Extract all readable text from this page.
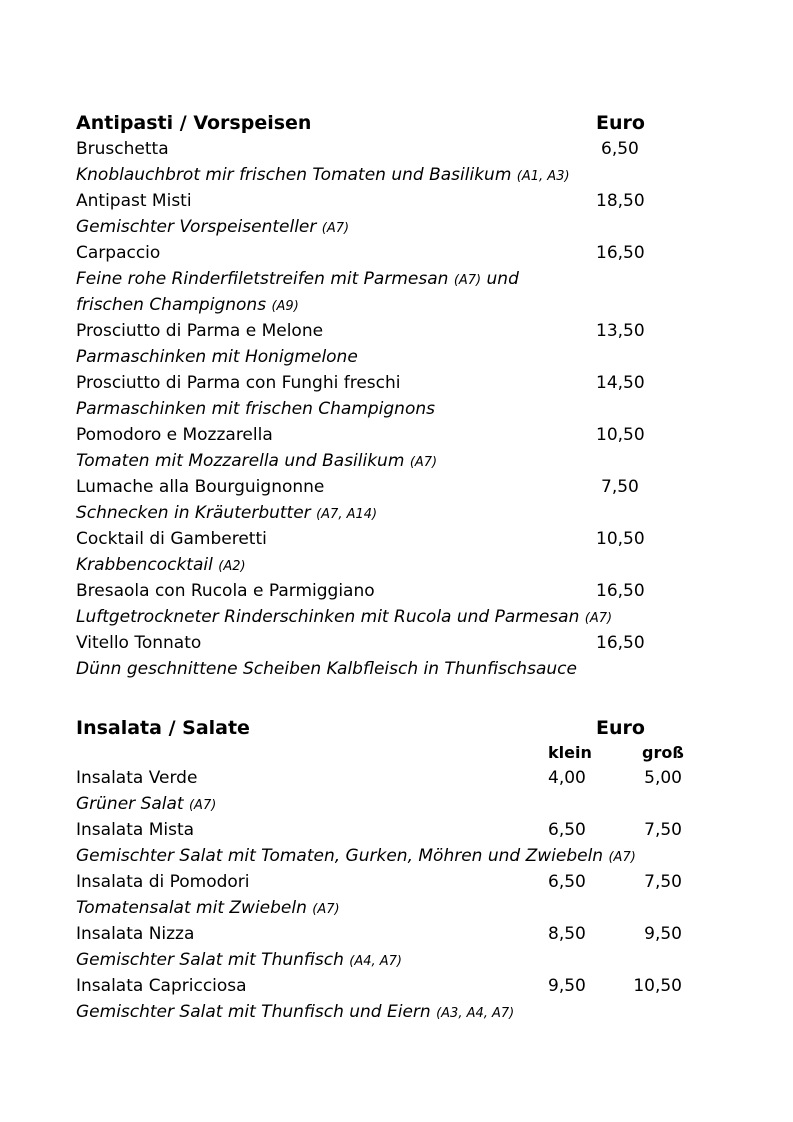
Antipasti / Vorspeisen	Euro
Bruschetta	6,50
Knoblauchbrot mir frischen Tomaten und Basilikum (A1, A3)
Antipast Misti	18,50
Gemischter Vorspeisenteller (A7)
Carpaccio	16,50
Feine rohe Rinderfiletstreifen mit Parmesan (A7) und
frischen Champignons (A9)
Prosciutto di Parma e Melone	13,50
Parmaschinken mit Honigmelone
Prosciutto di Parma con Funghi freschi	14,50
Parmaschinken mit frischen Champignons
Pomodoro e Mozzarella	10,50
Tomaten mit Mozzarella und Basilikum (A7)
Lumache alla Bourguignonne	7,50
Schnecken in Kräuterbutter (A7, A14)
Cocktail di Gamberetti	10,50
Krabbencocktail (A2)
Bresaola con Rucola e Parmiggiano	16,50
Luftgetrockneter Rinderschinken mit Rucola und Parmesan (A7)
Vitello Tonnato	16,50
Dünn geschnittene Scheiben Kalbfleisch in Thunfischsauce
Insalata / Salate	Euro
klein	groß
Insalata Verde	4,00	5,00
Grüner Salat (A7)
Insalata Mista	6,50	7,50
Gemischter Salat mit Tomaten, Gurken, Möhren und Zwiebeln (A7)
Insalata di Pomodori	6,50	7,50
Tomatensalat mit Zwiebeln (A7)
Insalata Nizza	8,50	9,50
Gemischter Salat mit Thunfisch (A4, A7)
Insalata Capricciosa	9,50	10,50
Gemischter Salat mit Thunfisch und Eiern (A3, A4, A7)
